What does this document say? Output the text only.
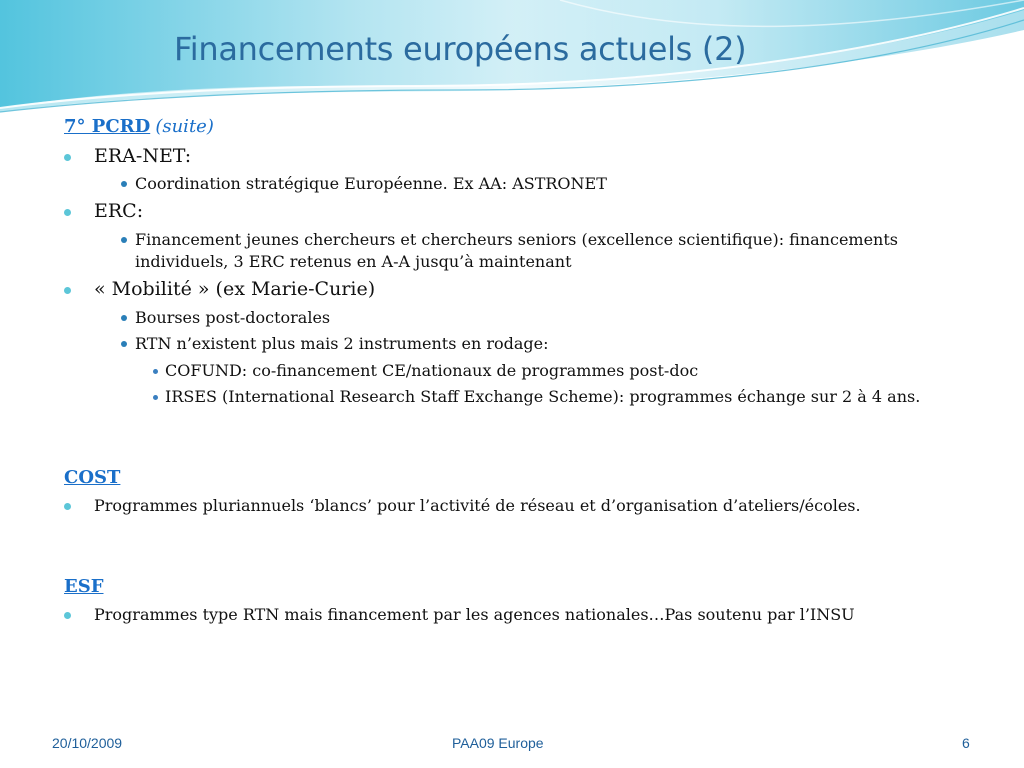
Financements européens actuels (2)
7° PCRD (suite)
ERA-NET:
Coordination stratégique Européenne. Ex AA: ASTRONET
ERC:
Financement jeunes chercheurs et chercheurs seniors (excellence scientifique): financements
individuels, 3 ERC retenus en A-A jusqu’à maintenant
« Mobilité » (ex Marie-Curie)
Bourses post-doctorales
RTN n’existent plus mais 2 instruments en rodage:
COFUND: co-financement CE/nationaux de programmes post-doc
IRSES (International Research Staff Exchange Scheme): programmes échange sur 2 à 4 ans.
COST
Programmes pluriannuels ‘blancs’ pour l’activité de réseau et d’organisation d’ateliers/écoles.
ESF
Programmes type RTN mais financement par les agences nationales…Pas soutenu par l’INSU
20/10/2009	PAA09 Europe	6
